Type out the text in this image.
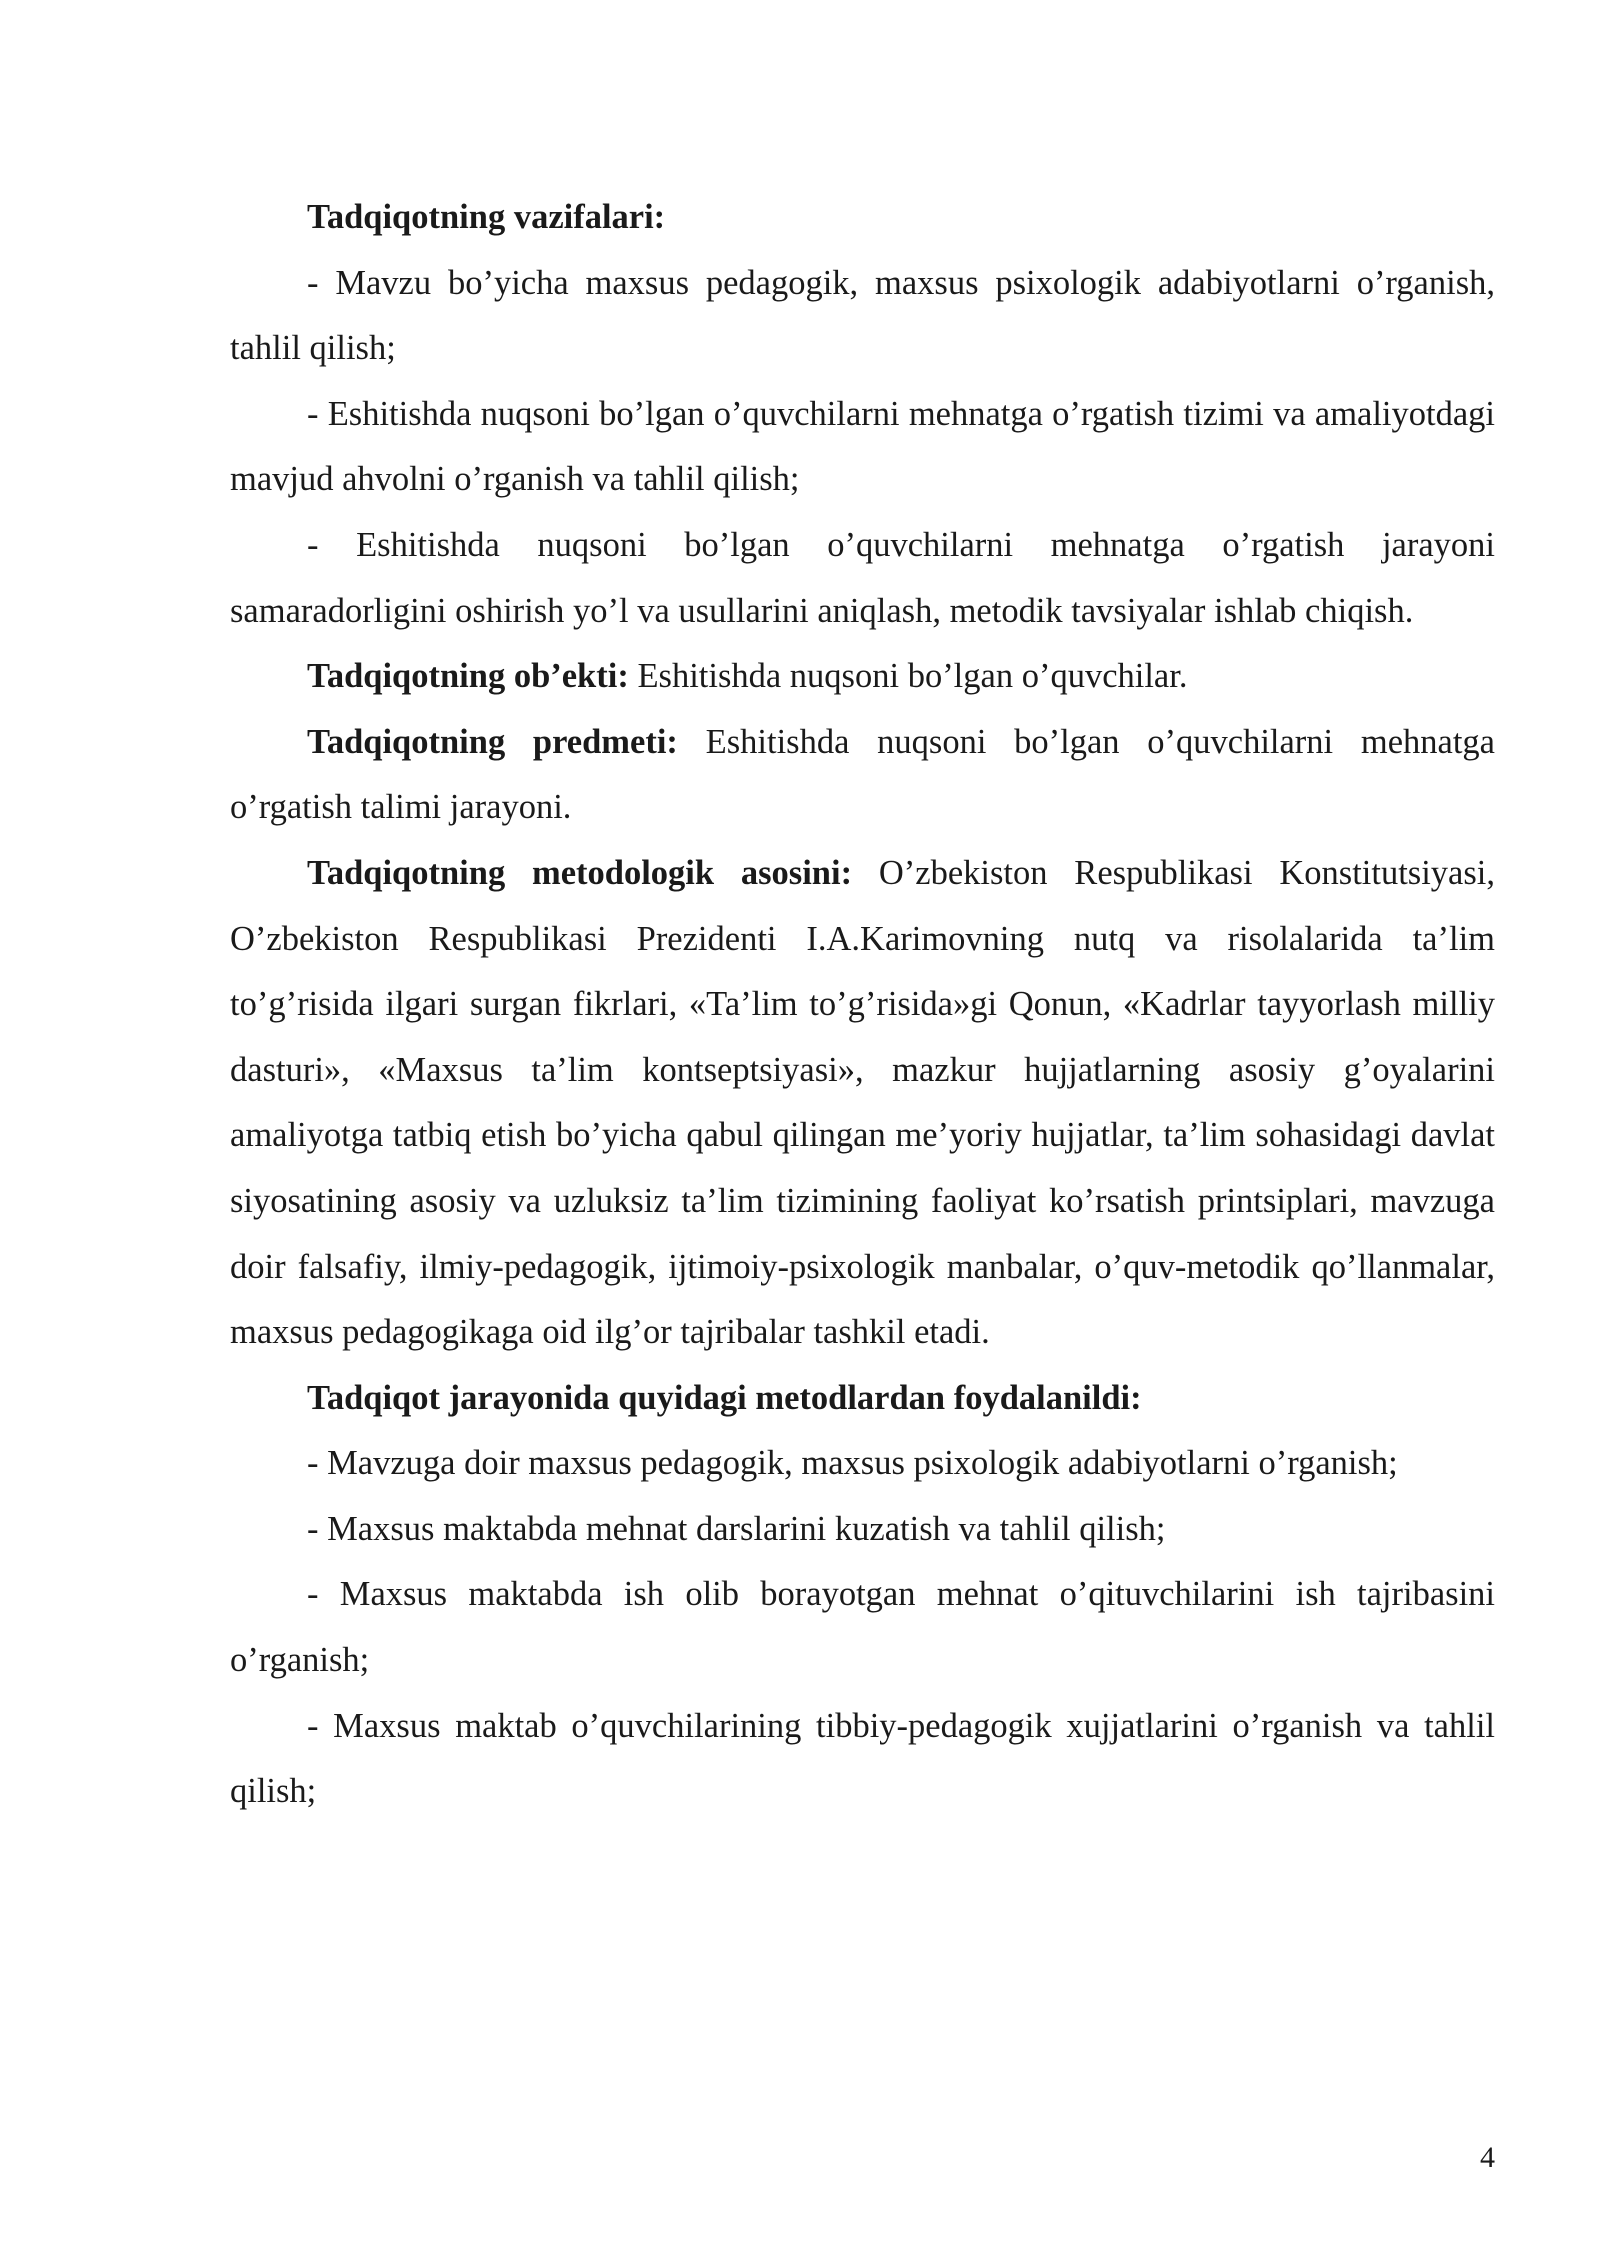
Tadqiqotning vazifalari:

- Mavzu bo’yicha maxsus pedagogik, maxsus psixologik adabiyotlarni o’rganish, tahlil qilish;

- Eshitishda nuqsoni bo’lgan o’quvchilarni mehnatga o’rgatish tizimi va amaliyotdagi mavjud ahvolni o’rganish va tahlil qilish;

- Eshitishda nuqsoni bo’lgan o’quvchilarni mehnatga o’rgatish jarayoni samaradorligini oshirish yo’l va usullarini aniqlash, metodik tavsiyalar ishlab chiqish.

Tadqiqotning ob’ekti: Eshitishda nuqsoni bo’lgan o’quvchilar.

Tadqiqotning predmeti: Eshitishda nuqsoni bo’lgan o’quvchilarni mehnatga o’rgatish talimi jarayoni.

Tadqiqotning metodologik asosini: O’zbekiston Respublikasi Konstitutsiyasi, O’zbekiston Respublikasi Prezidenti I.A.Karimovning nutq va risolalarida ta’lim to’g’risida ilgari surgan fikrlari, «Ta’lim to’g’risida»gi Qonun, «Kadrlar tayyorlash milliy dasturi», «Maxsus ta’lim kontseptsiyasi», mazkur hujjatlarning asosiy g’oyalarini amaliyotga tatbiq etish bo’yicha qabul qilingan me’yoriy hujjatlar, ta’lim sohasidagi davlat siyosatining asosiy va uzluksiz ta’lim tizimining faoliyat ko’rsatish printsiplari, mavzuga doir falsafiy, ilmiy-pedagogik, ijtimoiy-psixologik manbalar, o’quv-metodik qo’llanmalar, maxsus pedagogikaga oid ilg’or tajribalar tashkil etadi.

Tadqiqot jarayonida quyidagi metodlardan foydalanildi:

- Mavzuga doir maxsus pedagogik, maxsus psixologik adabiyotlarni o’rganish;

- Maxsus maktabda mehnat darslarini kuzatish va tahlil qilish;

- Maxsus maktabda ish olib borayotgan mehnat o’qituvchilarini ish tajribasini o’rganish;

- Maxsus maktab o’quvchilarining tibbiy-pedagogik xujjatlarini o’rganish va tahlil qilish;

4
